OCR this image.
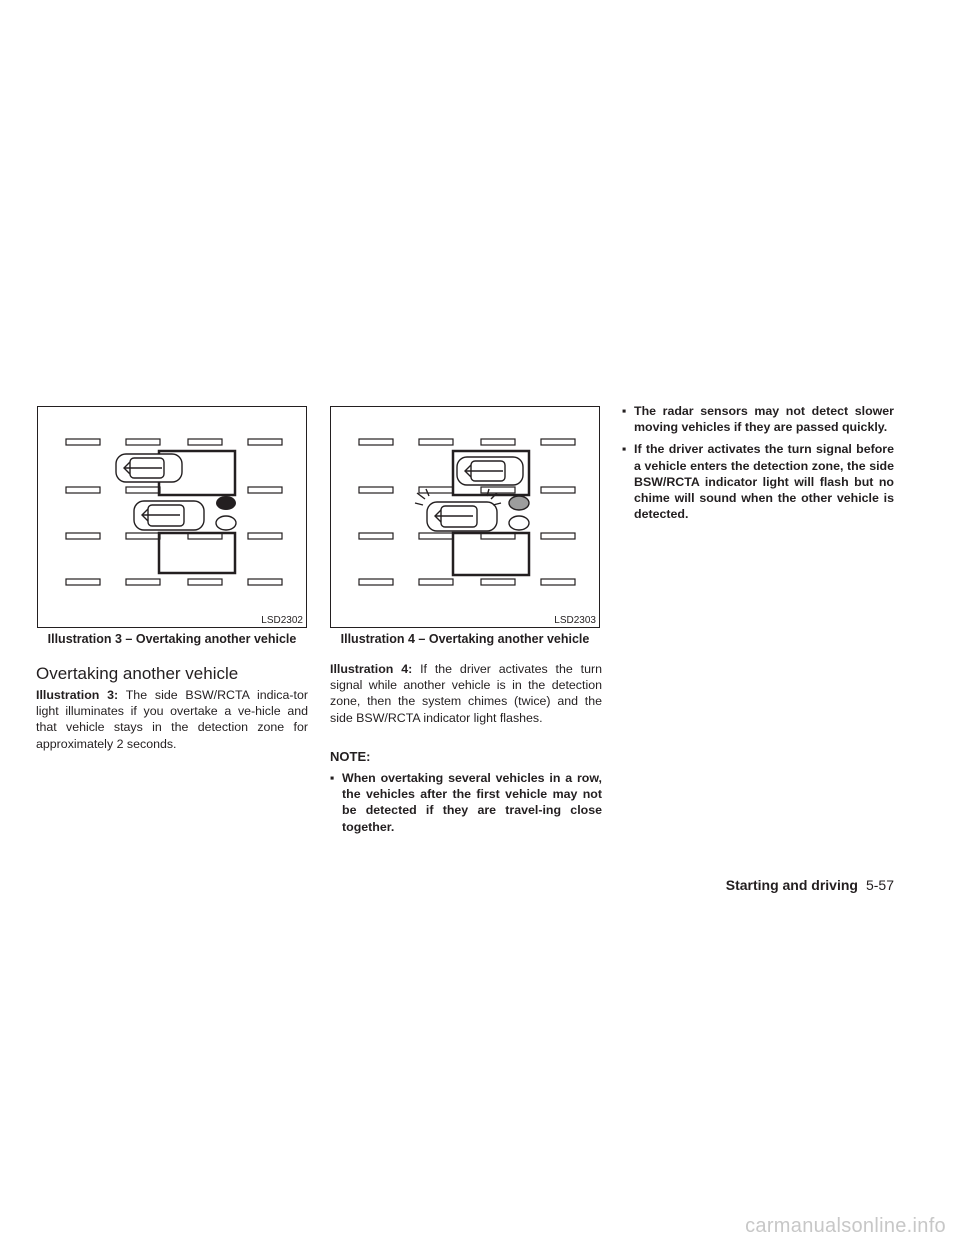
LSD2302
Illustration 3 – Overtaking another vehicle
LSD2303
Illustration 4 – Overtaking another vehicle
Overtaking another vehicle

Illustration 3: The side BSW/RCTA indica-tor light illuminates if you overtake a ve-hicle and that vehicle stays in the detection zone for approximately 2 seconds.

Illustration 4: If the driver activates the turn signal while another vehicle is in the detection zone, then the system chimes (twice) and the side BSW/RCTA indicator light flashes.

NOTE:

▪ When overtaking several vehicles in a row, the vehicles after the first vehicle may not be detected if they are travel-ing close together.
▪ The radar sensors may not detect slower moving vehicles if they are passed quickly.
▪ If the driver activates the turn signal before a vehicle enters the detection zone, the side BSW/RCTA indicator light will flash but no chime will sound when the other vehicle is detected.
Starting and driving 5-57
carmanualsonline.info
